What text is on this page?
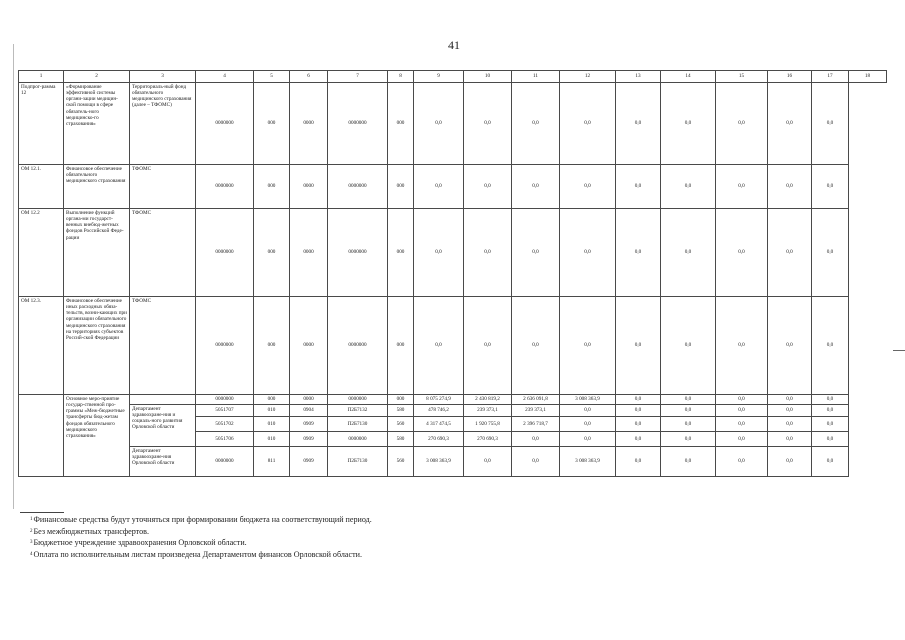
41
1	2	3	4	5	6	7	8	9	10	11	12	13	14	15	16	17	18
Подпрог-рамма 12	«Формирование эффективной системы органи-зации медицин-ской помощи в сфере обязатель-ного медицинско-го страхования»	Территориаль-ный фонд обязательного медицинского страхования (далее – ТФОМС)	0000000	000	0000	0000000	000	0,0	0,0	0,0	0,0	0,0	0,0	0,0	0,0	0,0	
ОМ 12.1.	Финансовое обеспечение обязательного медицинского страхования	ТФОМС	0000000	000	0000	0000000	000	0,0	0,0	0,0	0,0	0,0	0,0	0,0	0,0	0,0	
ОМ 12.2	Выполнение функций органа-ми государст-венных внебюд-жетных фондов Российской Феде-рации	ТФОМС	0000000	000	0000	0000000	000	0,0	0,0	0,0	0,0	0,0	0,0	0,0	0,0	0,0	
ОМ 12.3.	Финансовое обеспечение иных расходных обяза-тельств, возни-кающих при организации обязательного медицинского страхования на территориях субъектов Россий-ской Федерации	ТФОМС	0000000	000	0000	0000000	000	0,0	0,0	0,0	0,0	0,0	0,0	0,0	0,0	0,0	
	Основное меро-приятие государ-ственной про-граммы «Меж-бюджетные трансферты бюд-жетам фондов обязательного медицинского страхования»		0000000	000	0000	0000000	000	8 075 274,9	2 430 819,2	2 636 091,8	3 008 363,9	0,0	0,0	0,0	0,0	0,0	
		Департамент здравоохране-ния и социаль-ного развития Орловской области	5051707	010	0904	П2Б7132	580	478 746,2	239 373,1	239 373,1	0,0	0,0	0,0	0,0	0,0	0,0	
			5051702	010	0909	П2Б7130	560	4 317 474,5	1 920 755,8	2 396 718,7	0,0	0,0	0,0	0,0	0,0	0,0	
			5051706	010	0909	0000000	580	270 690,3	270 690,3	0,0	0,0	0,0	0,0	0,0	0,0	0,0	
		Департамент здравоохране-ния Орловской области	0000000	811	0909	П2Б7130	560	3 008 363,9	0,0	0,0	3 008 363,9	0,0	0,0	0,0	0,0	0,0	
1 Финансовые средства будут уточняться при формировании бюджета на соответствующий период.
2 Без межбюджетных трансфертов.
3 Бюджетное учреждение здравоохранения Орловской области.
4 Оплата по исполнительным листам произведена Департаментом финансов Орловской области.
